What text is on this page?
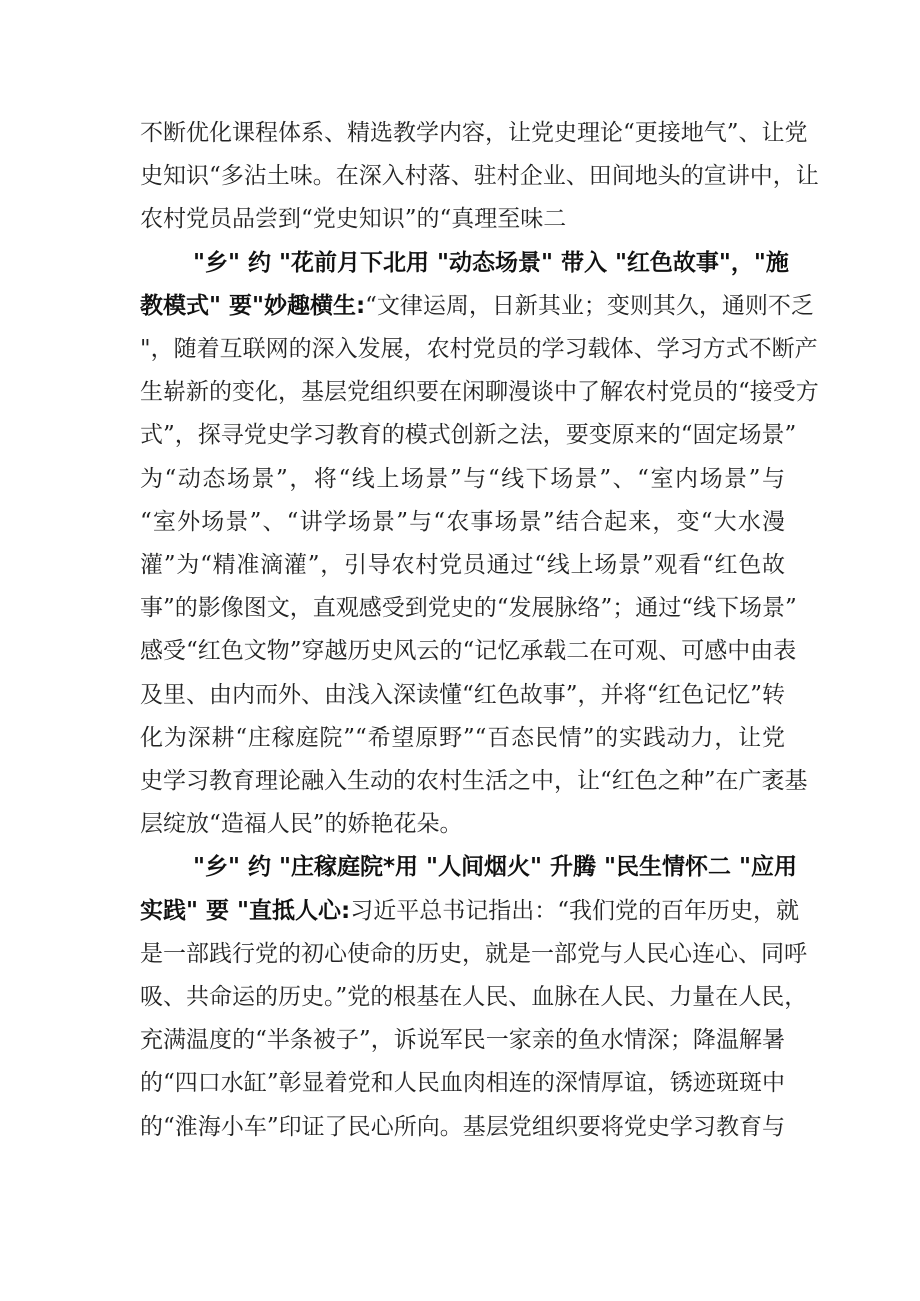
不断优化课程体系、精选教学内容，让党史理论“更接地气”、让党
史知识“多沾土味。在深入村落、驻村企业、田间地头的宣讲中，让
农村党员品尝到“党史知识”的“真理至味二
"乡" 约 "花前月下北用 "动态场景" 带入 "红色故事"，"施
教模式" 要"妙趣横生:“文律运周，日新其业；变则其久，通则不乏
"，随着互联网的深入发展，农村党员的学习载体、学习方式不断产
生崭新的变化，基层党组织要在闲聊漫谈中了解农村党员的“接受方
式”，探寻党史学习教育的模式创新之法，要变原来的“固定场景”
为“动态场景”，将“线上场景”与“线下场景”、“室内场景”与
“室外场景”、“讲学场景”与“农事场景”结合起来，变“大水漫
灌”为“精准滴灌”，引导农村党员通过“线上场景”观看“红色故
事”的影像图文，直观感受到党史的“发展脉络”；通过“线下场景”
感受“红色文物”穿越历史风云的“记忆承载二在可观、可感中由表
及里、由内而外、由浅入深读懂“红色故事”，并将“红色记忆”转
化为深耕“庄稼庭院”“希望原野”“百态民情”的实践动力，让党
史学习教育理论融入生动的农村生活之中，让“红色之种”在广袤基
层绽放“造福人民”的娇艳花朵。
"乡" 约 "庄稼庭院*用 "人间烟火" 升腾 "民生情怀二 "应用
实践" 要 "直抵人心:习近平总书记指出：“我们党的百年历史，就
是一部践行党的初心使命的历史，就是一部党与人民心连心、同呼
吸、共命运的历史。”党的根基在人民、血脉在人民、力量在人民，
充满温度的“半条被子”，诉说军民一家亲的鱼水情深；降温解暑
的“四口水缸”彰显着党和人民血肉相连的深情厚谊，锈迹斑斑中
的“淮海小车”印证了民心所向。基层党组织要将党史学习教育与
